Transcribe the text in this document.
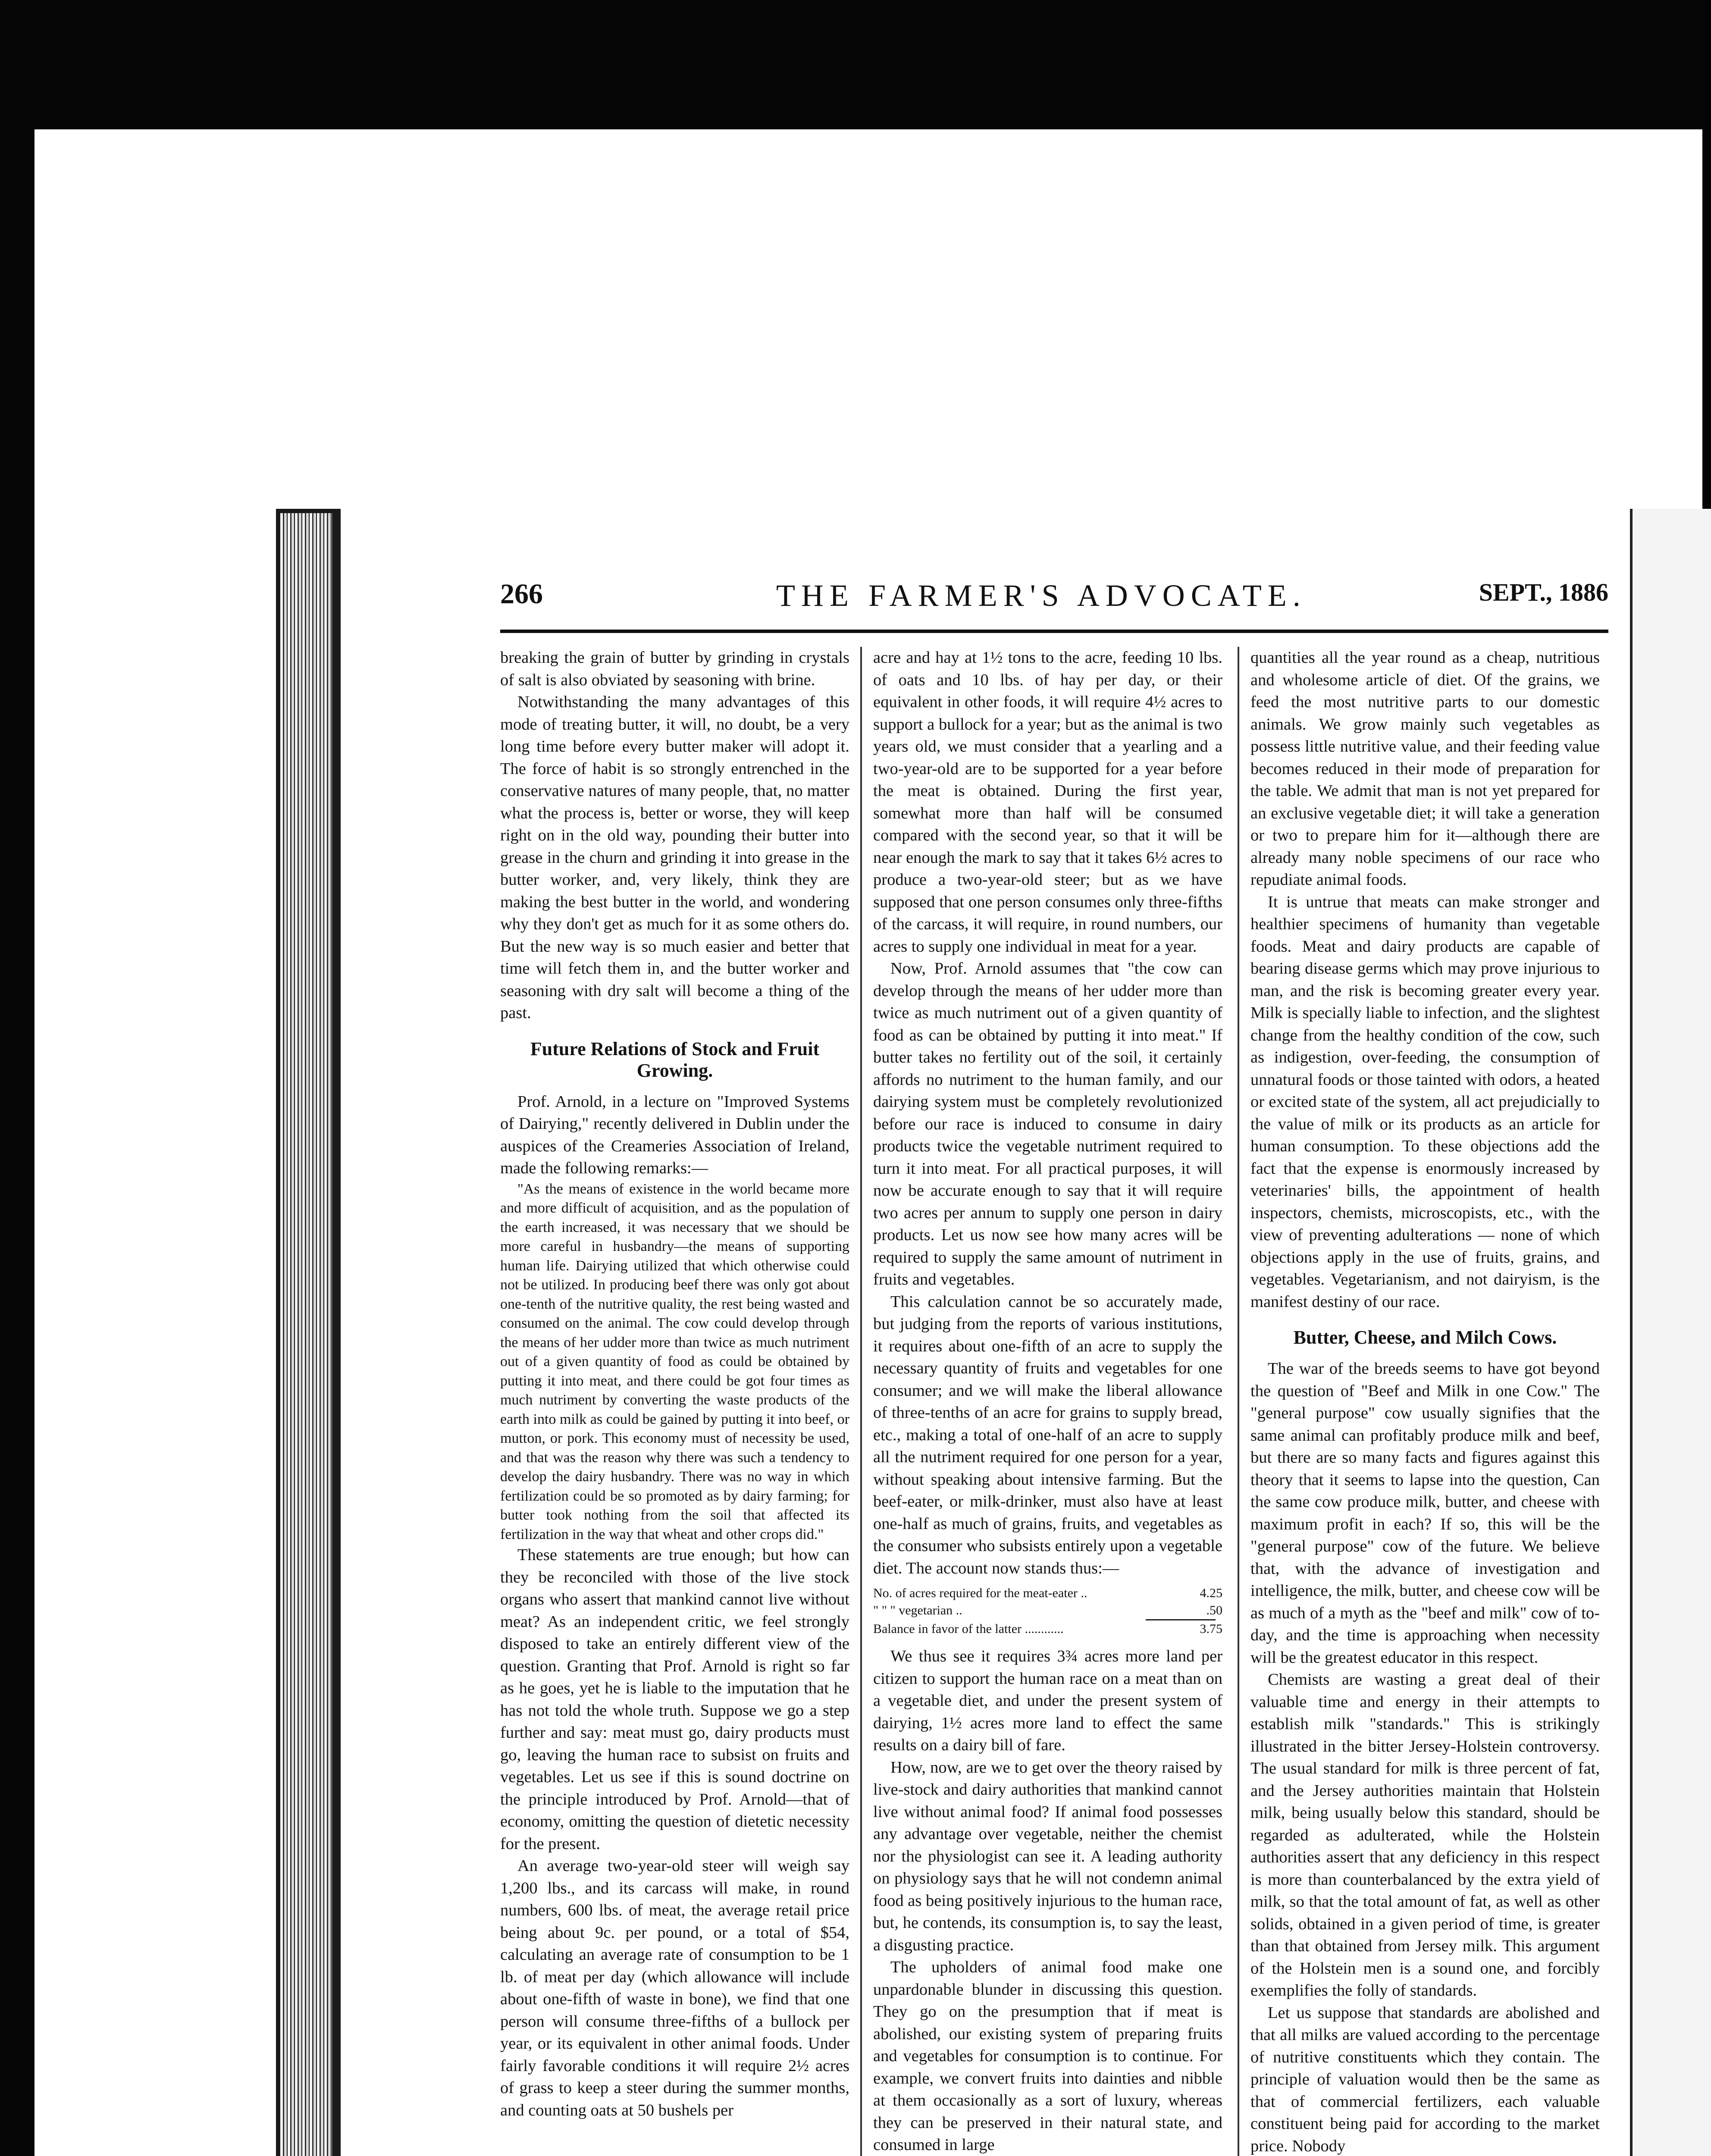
266	THE FARMER'S ADVOCATE.	SEPT., 1886

breaking the grain of butter by grinding in crystals of salt is also obviated by seasoning with brine.

Notwithstanding the many advantages of this mode of treating butter, it will, no doubt, be a very long time before every butter maker will adopt it. The force of habit is so strongly entrenched in the conservative natures of many people, that, no matter what the process is, better or worse, they will keep right on in the old way, pounding their butter into grease in the churn and grinding it into grease in the butter worker, and, very likely, think they are making the best butter in the world, and wondering why they don't get as much for it as some others do. But the new way is so much easier and better that time will fetch them in, and the butter worker and seasoning with dry salt will become a thing of the past.

Future Relations of Stock and Fruit Growing.

Prof. Arnold, in a lecture on "Improved Systems of Dairying," recently delivered in Dublin under the auspices of the Creameries Association of Ireland, made the following remarks:—

"As the means of existence in the world became more and more difficult of acquisition, and as the population of the earth increased, it was necessary that we should be more careful in husbandry—the means of supporting human life. Dairying utilized that which otherwise could not be utilized. In producing beef there was only got about one-tenth of the nutritive quality, the rest being wasted and consumed on the animal. The cow could develop through the means of her udder more than twice as much nutriment out of a given quantity of food as could be obtained by putting it into meat, and there could be got four times as much nutriment by converting the waste products of the earth into milk as could be gained by putting it into beef, or mutton, or pork. This economy must of necessity be used, and that was the reason why there was such a tendency to develop the dairy husbandry. There was no way in which fertilization could be so promoted as by dairy farming; for butter took nothing from the soil that affected its fertilization in the way that wheat and other crops did."

These statements are true enough; but how can they be reconciled with those of the live stock organs who assert that mankind cannot live without meat? As an independent critic, we feel strongly disposed to take an entirely different view of the question. Granting that Prof. Arnold is right so far as he goes, yet he is liable to the imputation that he has not told the whole truth. Suppose we go a step further and say: meat must go, dairy products must go, leaving the human race to subsist on fruits and vegetables. Let us see if this is sound doctrine on the principle introduced by Prof. Arnold—that of economy, omitting the question of dietetic necessity for the present.

An average two-year-old steer will weigh say 1,200 lbs., and its carcass will make, in round numbers, 600 lbs. of meat, the average retail price being about 9c. per pound, or a total of $54, calculating an average rate of consumption to be 1 lb. of meat per day (which allowance will include about one-fifth of waste in bone), we find that one person will consume three-fifths of a bullock per year, or its equivalent in other animal foods. Under fairly favorable conditions it will require 2½ acres of grass to keep a steer during the summer months, and counting oats at 50 bushels per

acre and hay at 1½ tons to the acre, feeding 10 lbs. of oats and 10 lbs. of hay per day, or their equivalent in other foods, it will require 4½ acres to support a bullock for a year; but as the animal is two years old, we must consider that a yearling and a two-year-old are to be supported for a year before the meat is obtained. During the first year, somewhat more than half will be consumed compared with the second year, so that it will be near enough the mark to say that it takes 6½ acres to produce a two-year-old steer; but as we have supposed that one person consumes only three-fifths of the carcass, it will require, in round numbers, our acres to supply one individual in meat for a year.

Now, Prof. Arnold assumes that "the cow can develop through the means of her udder more than twice as much nutriment out of a given quantity of food as can be obtained by putting it into meat." If butter takes no fertility out of the soil, it certainly affords no nutriment to the human family, and our dairying system must be completely revolutionized before our race is induced to consume in dairy products twice the vegetable nutriment required to turn it into meat. For all practical purposes, it will now be accurate enough to say that it will require two acres per annum to supply one person in dairy products. Let us now see how many acres will be required to supply the same amount of nutriment in fruits and vegetables.

This calculation cannot be so accurately made, but judging from the reports of various institutions, it requires about one-fifth of an acre to supply the necessary quantity of fruits and vegetables for one consumer; and we will make the liberal allowance of three-tenths of an acre for grains to supply bread, etc., making a total of one-half of an acre to supply all the nutriment required for one person for a year, without speaking about intensive farming. But the beef-eater, or milk-drinker, must also have at least one-half as much of grains, fruits, and vegetables as the consumer who subsists entirely upon a vegetable diet. The account now stands thus:—

No. of acres required for the meat-eater ..	4.25
" " " vegetarian ..	.50
Balance in favor of the latter ............	3.75

We thus see it requires 3¾ acres more land per citizen to support the human race on a meat than on a vegetable diet, and under the present system of dairying, 1½ acres more land to effect the same results on a dairy bill of fare.

How, now, are we to get over the theory raised by live-stock and dairy authorities that mankind cannot live without animal food? If animal food possesses any advantage over vegetable, neither the chemist nor the physiologist can see it. A leading authority on physiology says that he will not condemn animal food as being positively injurious to the human race, but, he contends, its consumption is, to say the least, a disgusting practice.

The upholders of animal food make one unpardonable blunder in discussing this question. They go on the presumption that if meat is abolished, our existing system of preparing fruits and vegetables for consumption is to continue. For example, we convert fruits into dainties and nibble at them occasionally as a sort of luxury, whereas they can be preserved in their natural state, and consumed in large

quantities all the year round as a cheap, nutritious and wholesome article of diet. Of the grains, we feed the most nutritive parts to our domestic animals. We grow mainly such vegetables as possess little nutritive value, and their feeding value becomes reduced in their mode of preparation for the table. We admit that man is not yet prepared for an exclusive vegetable diet; it will take a generation or two to prepare him for it—although there are already many noble specimens of our race who repudiate animal foods.

It is untrue that meats can make stronger and healthier specimens of humanity than vegetable foods. Meat and dairy products are capable of bearing disease germs which may prove injurious to man, and the risk is becoming greater every year. Milk is specially liable to infection, and the slightest change from the healthy condition of the cow, such as indigestion, over-feeding, the consumption of unnatural foods or those tainted with odors, a heated or excited state of the system, all act prejudicially to the value of milk or its products as an article for human consumption. To these objections add the fact that the expense is enormously increased by veterinaries' bills, the appointment of health inspectors, chemists, microscopists, etc., with the view of preventing adulterations — none of which objections apply in the use of fruits, grains, and vegetables. Vegetarianism, and not dairyism, is the manifest destiny of our race.

Butter, Cheese, and Milch Cows.

The war of the breeds seems to have got beyond the question of "Beef and Milk in one Cow." The "general purpose" cow usually signifies that the same animal can profitably produce milk and beef, but there are so many facts and figures against this theory that it seems to lapse into the question, Can the same cow produce milk, butter, and cheese with maximum profit in each? If so, this will be the "general purpose" cow of the future. We believe that, with the advance of investigation and intelligence, the milk, butter, and cheese cow will be as much of a myth as the "beef and milk" cow of to-day, and the time is approaching when necessity will be the greatest educator in this respect.

Chemists are wasting a great deal of their valuable time and energy in their attempts to establish milk "standards." This is strikingly illustrated in the bitter Jersey-Holstein controversy. The usual standard for milk is three percent of fat, and the Jersey authorities maintain that Holstein milk, being usually below this standard, should be regarded as adulterated, while the Holstein authorities assert that any deficiency in this respect is more than counterbalanced by the extra yield of milk, so that the total amount of fat, as well as other solids, obtained in a given period of time, is greater than that obtained from Jersey milk. This argument of the Holstein men is a sound one, and forcibly exemplifies the folly of standards.

Let us suppose that standards are abolished and that all milks are valued according to the percentage of nutritive constituents which they contain. The principle of valuation would then be the same as that of commercial fertilizers, each valuable constituent being paid for according to the market price. Nobody
